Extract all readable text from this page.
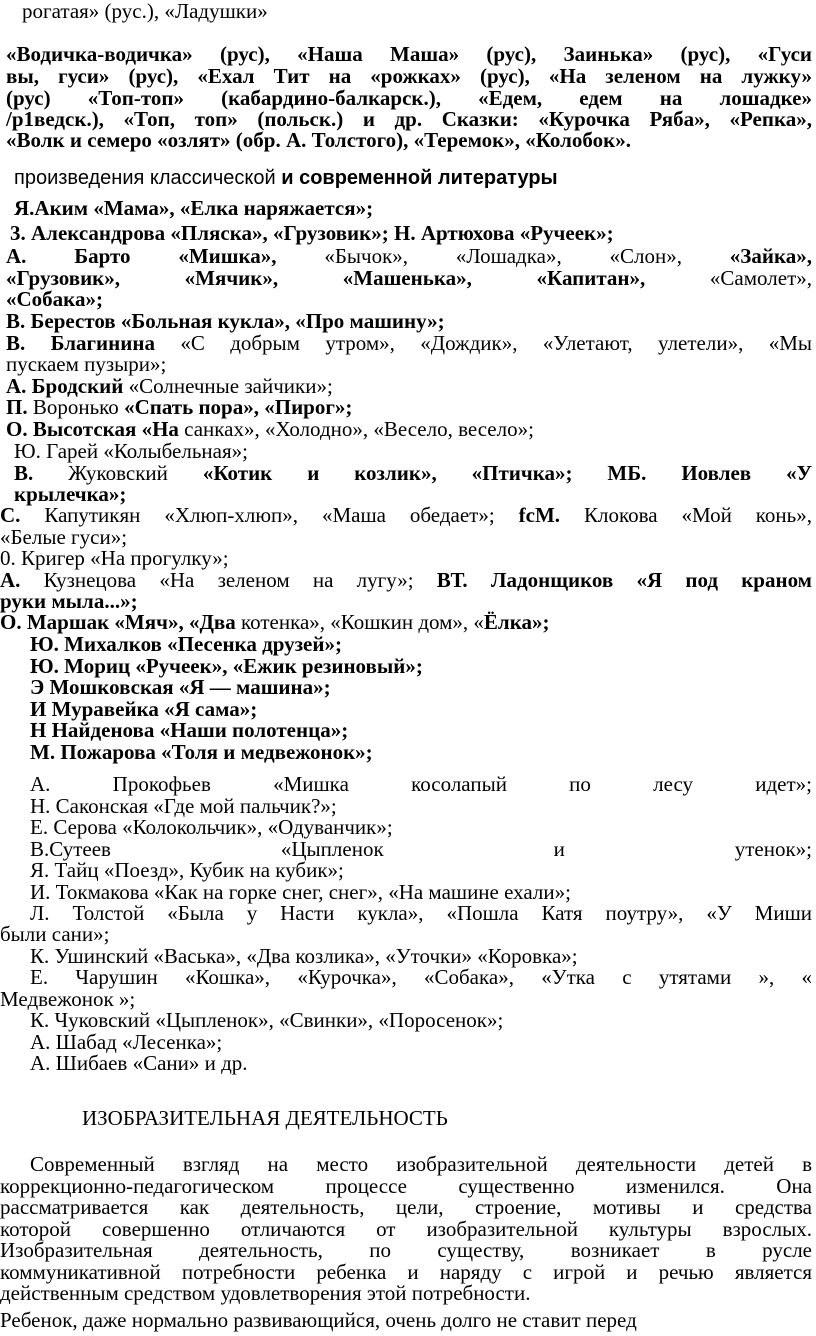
рогатая» (рус.), «Ладушки»
«Водичка-водичка» (рус), «Наша Маша» (рус), Заинька» (рус), «Гуси
вы, гуси» (рус), «Ехал Тит на «рожках» (рус), «На зеленом на лужку»
(рус) «Топ-топ» (кабардино-балкарск.), «Едем, едем на лошадке»
/р1ведск.), «Топ, топ» (польск.) и др. Сказки: «Курочка Ряба», «Репка»,
«Волк и семеро «озлят» (обр. А. Толстого), «Теремок», «Колобок».
произведения классической и современной литературы
Я.Аким «Мама», «Елка наряжается»;
3. Александрова «Пляска», «Грузовик»; Н. Артюхова «Ручеек»;
А. Барто «Мишка», «Бычок», «Лошадка», «Слон», «Зайка»,
«Грузовик», «Мячик», «Машенька», «Капитан», «Самолет»,
«Собака»;
В. Берестов «Больная кукла», «Про машину»;
В. Благинина «С добрым утром», «Дождик», «Улетают, улетели», «Мы
пускаем пузыри»;
А. Бродский «Солнечные зайчики»;
П. Воронько «Спать пора», «Пирог»;
О. Высотская «На санках», «Холодно», «Весело, весело»;
Ю. Гарей «Колыбельная»;
В. Жуковский «Котик и козлик», «Птичка»; МБ. Иовлев «У
крылечка»;
С. Капутикян «Хлюп-хлюп», «Маша обедает»; fсМ. Клокова «Мой конь»,
«Белые гуси»;
0. Кригер «На прогулку»;
А. Кузнецова «На зеленом на лугу»; ВТ. Ладонщиков «Я под краном
руки мыла...»;
О. Маршак «Мяч», «Два котенка», «Кошкин дом», «Ёлка»;
Ю. Михалков «Песенка друзей»;
Ю. Мориц «Ручеек», «Ежик резиновый»;
Э Мошковская «Я — машина»;
И Муравейка «Я сама»;
Н Найденова «Наши полотенца»;
М. Пожарова «Толя и медвежонок»;
А. Прокофьев «Мишка косолапый по лесу идет»;
Н. Саконская «Где мой пальчик?»;
Е. Серова «Колокольчик», «Одуванчик»;
В.Сутеев «Цыпленок и утенок»;
Я. Тайц «Поезд», Кубик на кубик»;
И. Токмакова «Как на горке снег, снег», «На машине ехали»;
Л. Толстой «Была у Насти кукла», «Пошла Катя поутру», «У Миши
были сани»;
К. Ушинский «Васька», «Два козлика», «Уточки» «Коровка»;
Е. Чарушин «Кошка», «Курочка», «Собака», «Утка с утятами », «
Медвежонок »;
К. Чуковский «Цыпленок», «Свинки», «Поросенок»;
А. Шабад «Лесенка»;
А. Шибаев «Сани» и др.
ИЗОБРАЗИТЕЛЬНАЯ ДЕЯТЕЛЬНОСТЬ
Современный взгляд на место изобразительной деятельности детей в
коррекционно-педагогическом процессе существенно изменился. Она
рассматривается как деятельность, цели, строение, мотивы и средства
которой совершенно отличаются от изобразительной культуры взрослых.
Изобразительная деятельность, по существу, возникает в русле
коммуникативной потребности ребенка и наряду с игрой и речью является
действенным средством удовлетворения этой потребности.
Ребенок, даже нормально развивающийся, очень долго не ставит перед
